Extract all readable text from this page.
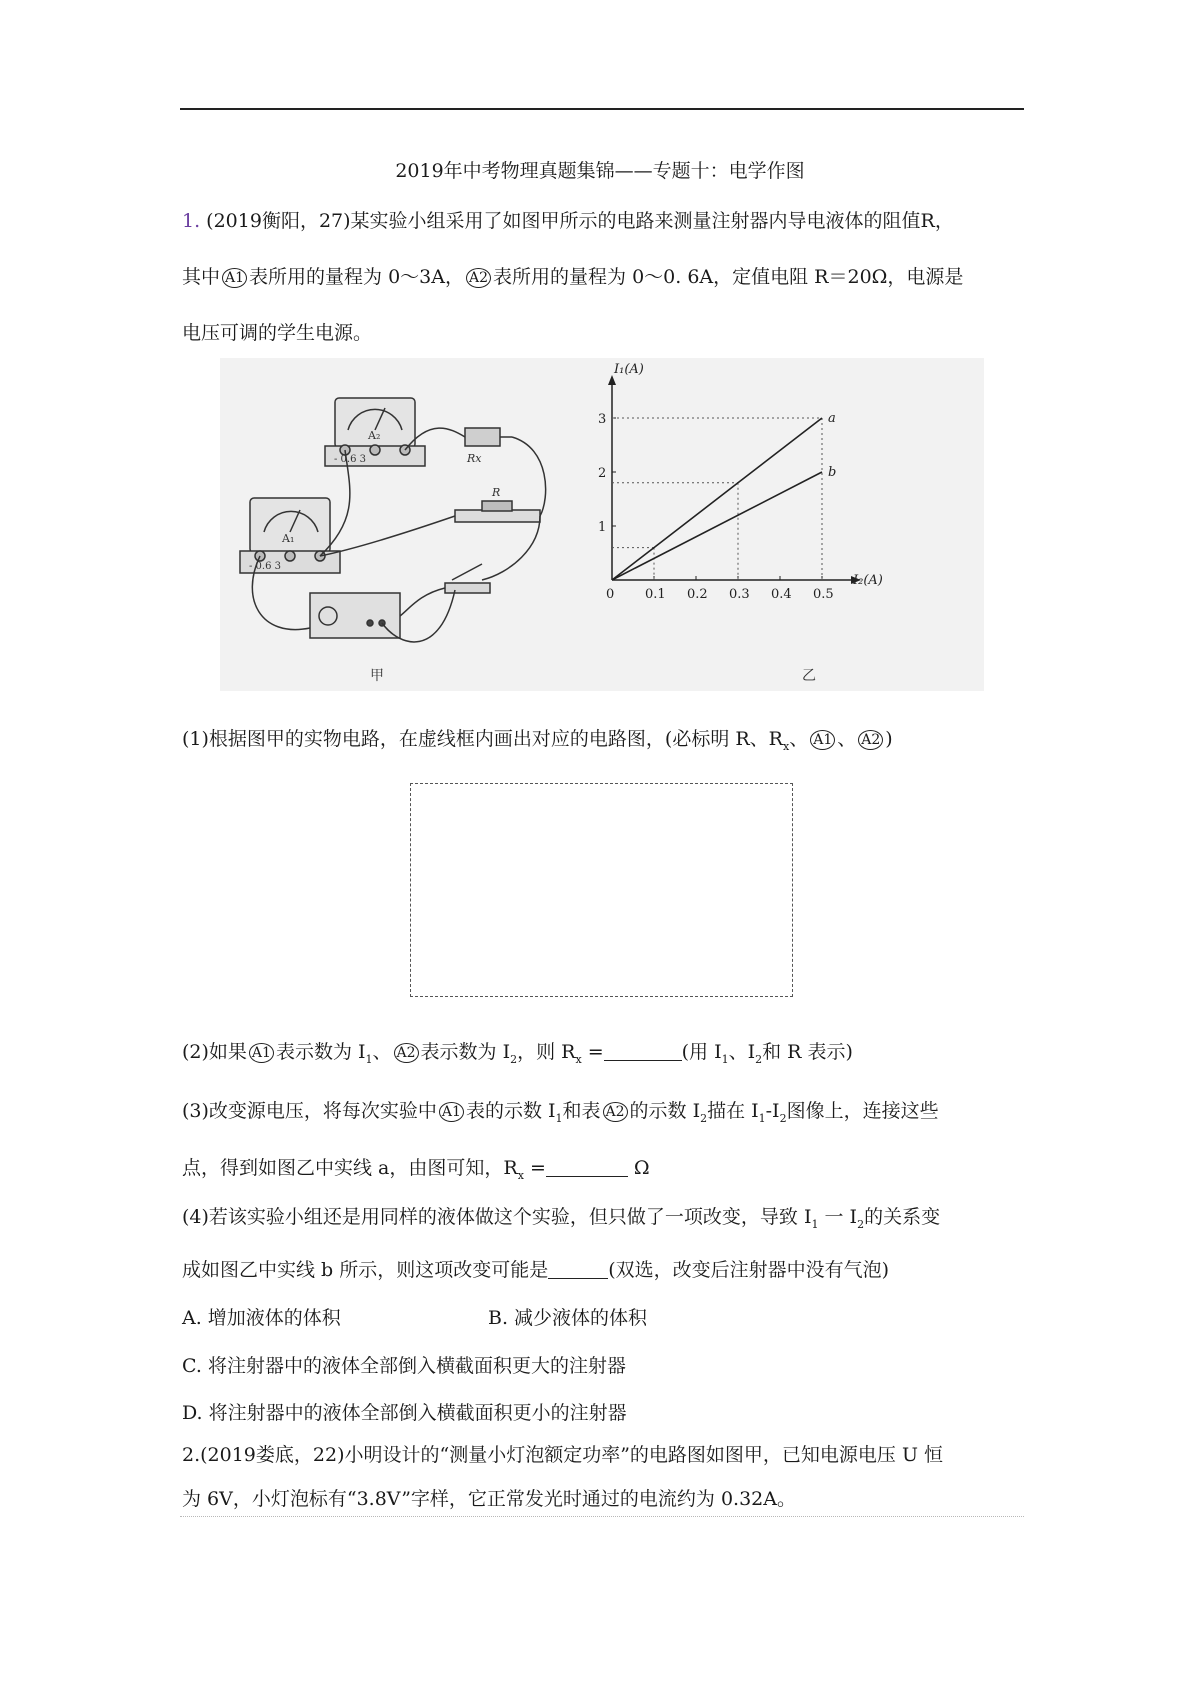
2019年中考物理真题集锦——专题十：电学作图
1. (2019衡阳，27)某实验小组采用了如图甲所示的电路来测量注射器内导电液体的阻值R，
其中 A1 表所用的量程为 0～3A， A2 表所用的量程为 0～0. 6A，定值电阻 R＝20Ω，电源是
电压可调的学生电源。
A₂
- 0.6 3
A₁
- 0.6 3
Rx
R
甲
I₁(A)
I₂(A)
0 0.1 0.2 0.3 0.4 0.5
1
2
3	a
b
乙
(1)根据图甲的实物电路，在虚线框内画出对应的电路图，(必标明 R、$R_x$、 A1 、 A2 )
(2)如果 A1 表示数为 $I_1$、 A2 表示数为 $I_2$，则 $R_x$ =	(用 $I_1$、$I_2$和 R 表示)
(3)改变源电压，将每次实验中 A1 表的示数 $I_1$和表 A2 的示数 $I_2$描在 $I_1-I_2$图像上，连接这些
点，得到如图乙中实线 a，由图可知，$R_x$ =	Ω
(4)若该实验小组还是用同样的液体做这个实验，但只做了一项改变，导致 $I_1$ 一 $I_2$的关系变
成如图乙中实线 b 所示，则这项改变可能是	(双选，改变后注射器中没有气泡)
A. 增加液体的体积	B. 减少液体的体积
C. 将注射器中的液体全部倒入横截面积更大的注射器
D. 将注射器中的液体全部倒入横截面积更小的注射器
2.(2019娄底，22)小明设计的“测量小灯泡额定功率”的电路图如图甲，已知电源电压 U 恒
为 6V，小灯泡标有“3.8V”字样，它正常发光时通过的电流约为 0.32A。
